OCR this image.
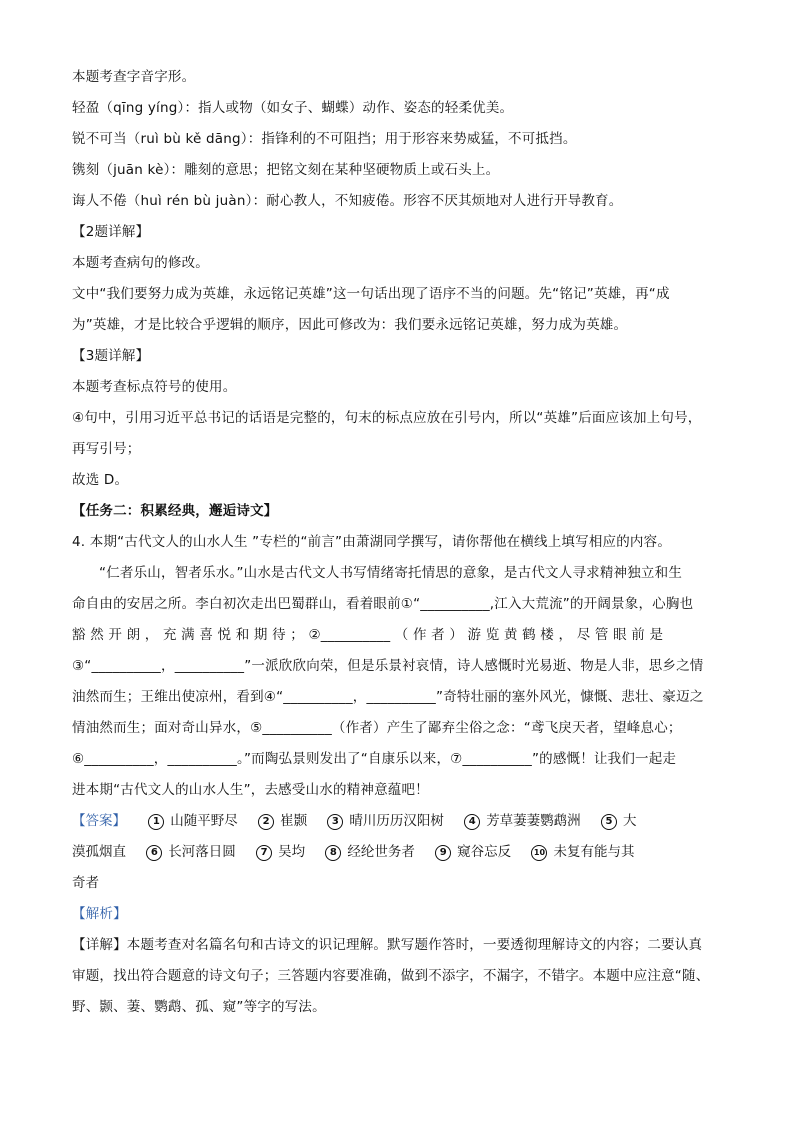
本题考查字音字形。
轻盈（qīng yíng）：指人或物（如女子、蝴蝶）动作、姿态的轻柔优美。
锐不可当（ruì bù kě dāng）：指锋利的不可阻挡；用于形容来势威猛，不可抵挡。
镌刻（juān kè）：雕刻的意思；把铭文刻在某种坚硬物质上或石头上。
诲人不倦（huì rén bù juàn）：耐心教人，不知疲倦。形容不厌其烦地对人进行开导教育。
【2题详解】
本题考查病句的修改。
文中“我们要努力成为英雄，永远铭记英雄”这一句话出现了语序不当的问题。先“铭记”英雄，再“成
为”英雄，才是比较合乎逻辑的顺序，因此可修改为：我们要永远铭记英雄，努力成为英雄。
【3题详解】
本题考查标点符号的使用。
④句中，引用习近平总书记的话语是完整的，句末的标点应放在引号内，所以“英雄”后面应该加上句号，
再写引号；
故选 D。
【任务二：积累经典，邂逅诗文】
4. 本期“古代文人的山水人生 ”专栏的“前言”由萧湖同学撰写，请你帮他在横线上填写相应的内容。
“仁者乐山，智者乐水。”山水是古代文人书写情绪寄托情思的意象，是古代文人寻求精神独立和生
命自由的安居之所。李白初次走出巴蜀群山，看着眼前①“__________,江入大荒流”的开阔景象，心胸也
豁 然 开 朗 ， 充 满 喜 悦 和 期 待 ； ②__________ （ 作 者 ） 游 览 黄 鹤 楼 ， 尽 管 眼 前 是
③“__________，__________”一派欣欣向荣，但是乐景衬哀情，诗人感慨时光易逝、物是人非，思乡之情
油然而生；王维出使凉州，看到④“__________，__________”奇特壮丽的塞外风光，慷慨、悲壮、豪迈之
情油然而生；面对奇山异水，⑤__________（作者）产生了鄙弃尘俗之念：“鸢飞戾天者，望峰息心；
⑥__________，__________。”而陶弘景则发出了“自康乐以来，⑦__________”的感慨！让我们一起走
进本期“古代文人的山水人生”，去感受山水的精神意蕴吧！
【答案】	1 山随平野尽 2 崔颢 3 晴川历历汉阳树 4 芳草萋萋鹦鹉洲 5 大
漠孤烟直 6 长河落日圆 7 吴均 8 经纶世务者 9 窥谷忘反	10 未复有能与其
奇者
【解析】
【详解】本题考查对名篇名句和古诗文的识记理解。默写题作答时，一要透彻理解诗文的内容；二要认真
审题，找出符合题意的诗文句子；三答题内容要准确，做到不添字，不漏字，不错字。本题中应注意“随、
野、颢、萋、鹦鹉、孤、窥”等字的写法。
